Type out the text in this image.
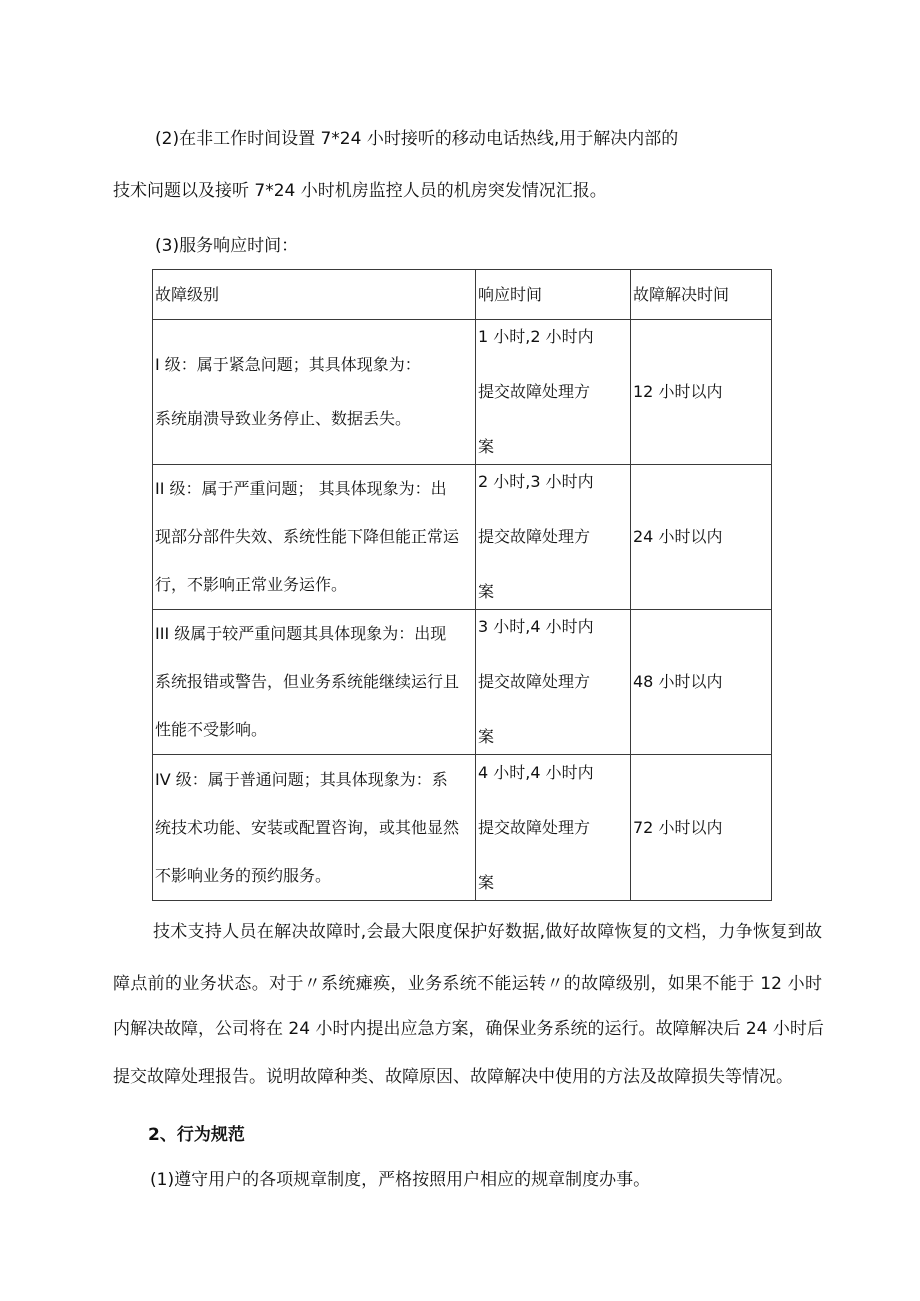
(2)在非工作时间设置 7*24 小时接听的移动电话热线,用于解决内部的
技术问题以及接听 7*24 小时机房监控人员的机房突发情况汇报。
(3)服务响应时间：
故障级别	响应时间	故障解决时间

I 级：属于紧急问题；其具体现象为：
系统崩溃导致业务停止、数据丢失。	1 小时,2 小时内
提交故障处理方
案	12 小时以内

II 级：属于严重问题； 其具体现象为：出
现部分部件失效、系统性能下降但能正常运
行，不影响正常业务运作。	2 小时,3 小时内
提交故障处理方
案	24 小时以内

III 级属于较严重问题其具体现象为：出现
系统报错或警告，但业务系统能继续运行且
性能不受影响。	3 小时,4 小时内
提交故障处理方
案	48 小时以内

IV 级：属于普通问题；其具体现象为：系
统技术功能、安装或配置咨询，或其他显然
不影响业务的预约服务。	4 小时,4 小时内
提交故障处理方
案	72 小时以内
技术支持人员在解决故障时,会最大限度保护好数据,做好故障恢复的文档，力争恢复到故
障点前的业务状态。对于〃系统瘫痪，业务系统不能运转〃的故障级别，如果不能于 12 小时
内解决故障，公司将在 24 小时内提出应急方案，确保业务系统的运行。故障解决后 24 小时后
提交故障处理报告。说明故障种类、故障原因、故障解决中使用的方法及故障损失等情况。
2、行为规范
(1)遵守用户的各项规章制度，严格按照用户相应的规章制度办事。
